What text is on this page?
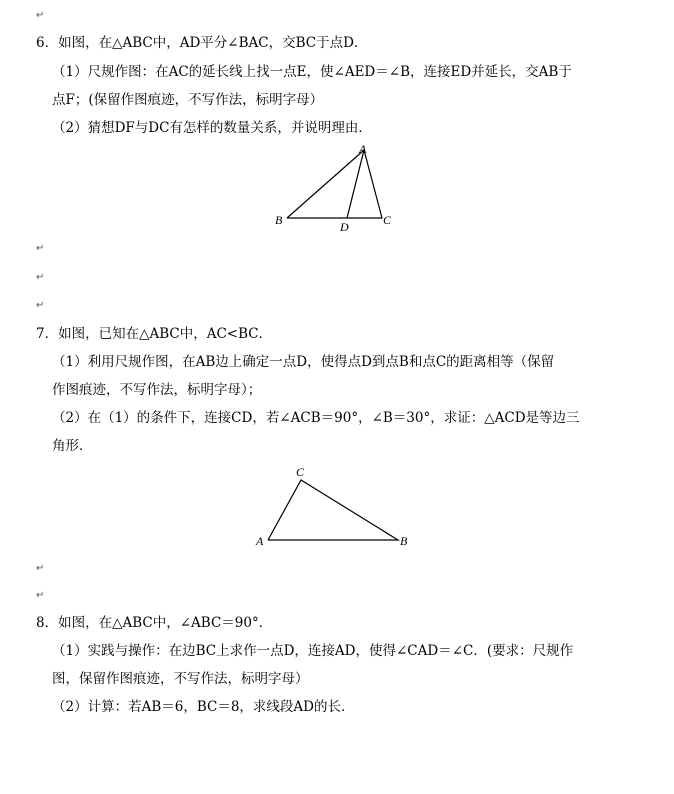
↵
↵
↵
↵
↵
↵
6．如图，在△ABC中，AD平分∠BAC，交BC于点D．
（1）尺规作图：在AC的延长线上找一点E，使∠AED＝∠B，连接ED并延长，交AB于
点F；(保留作图痕迹，不写作法，标明字母）
（2）猜想DF与DC有怎样的数量关系，并说明理由．
A
B	D	C
7．如图，已知在△ABC中，AC<BC．
（1）利用尺规作图，在AB边上确定一点D，使得点D到点B和点C的距离相等（保留
作图痕迹，不写作法，标明字母）；
（2）在（1）的条件下，连接CD，若∠ACB＝90°，∠B＝30°，求证：△ACD是等边三
角形．
C
A	B
8．如图，在△ABC中，∠ABC＝90°．
（1）实践与操作：在边BC上求作一点D，连接AD，使得∠CAD＝∠C．(要求：尺规作
图，保留作图痕迹，不写作法，标明字母）
（2）计算：若AB＝6，BC＝8，求线段AD的长．
